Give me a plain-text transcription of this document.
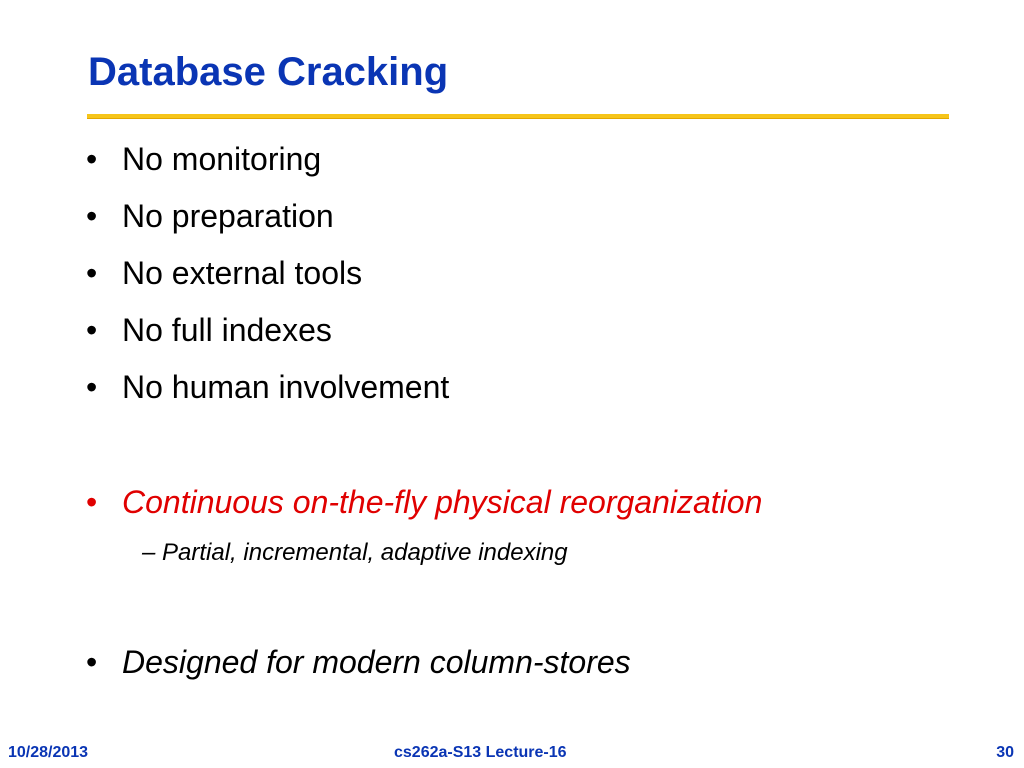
Database Cracking
• No monitoring
• No preparation
• No external tools
• No full indexes
• No human involvement
• Continuous on-the-fly physical reorganization
– Partial, incremental, adaptive indexing
• Designed for modern column-stores
10/28/2013	cs262a-S13 Lecture-16	30
